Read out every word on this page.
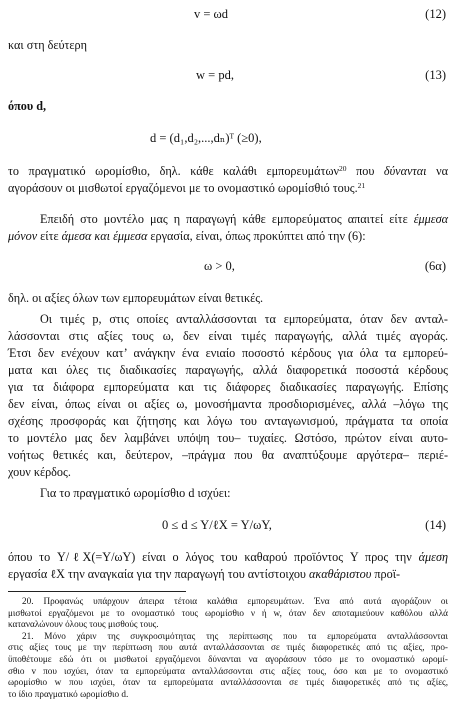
v = ωd	(12)
και στη δεύτερη
w = pd,	(13)
όπου d,
d = (d₁,d₂,...,dₙ)ᵀ (≥0),
το πραγματικό ωρομίσθιο, δηλ. κάθε καλάθι εμπορευμάτων$^{20}$ που δύνανται να
αγοράσουν οι μισθωτοί εργαζόμενοι με το ονομαστικό ωρομίσθιό τους.$^{21}$
Επειδή στο μοντέλο μας η παραγωγή κάθε εμπορεύματος απαιτεί είτε έμμεσα
μόνον είτε άμεσα και έμμεσα εργασία, είναι, όπως προκύπτει από την (6):
ω > 0,	(6α)
δηλ. οι αξίες όλων των εμπορευμάτων είναι θετικές.
Οι τιμές p, στις οποίες ανταλλάσσονται τα εμπορεύματα, όταν δεν ανταλ-
λάσσονται στις αξίες τους ω, δεν είναι τιμές παραγωγής, αλλά τιμές αγοράς.
Έτσι δεν ενέχουν κατ’ ανάγκην ένα ενιαίο ποσοστό κέρδους για όλα τα εμπορεύ-
ματα και όλες τις διαδικασίες παραγωγής, αλλά διαφορετικά ποσοστά κέρδους
για τα διάφορα εμπορεύματα και τις διάφορες διαδικασίες παραγωγής. Επίσης
δεν είναι, όπως είναι οι αξίες ω, μονοσήμαντα προσδιορισμένες, αλλά –λόγω της
σχέσης προσφοράς και ζήτησης και λόγω του ανταγωνισμού, πράγματα τα οποία
το μοντέλο μας δεν λαμβάνει υπόψη του– τυχαίες. Ωστόσο, πρώτον είναι αυτο-
νοήτως θετικές και, δεύτερον, –πράγμα που θα αναπτύξουμε αργότερα– περιέ-
χουν κέρδος.
Για το πραγματικό ωρομίσθιο d ισχύει:
0 ≤ d ≤ Y/ℓX = Y/ωY,	(14)
όπου το Y/ℓX(=Y/ωY) είναι ο λόγος του καθαρού προϊόντος Y προς την άμεση
εργασία ℓX την αναγκαία για την παραγωγή του αντίστοιχου ακαθάριστου προϊ-
20. Προφανώς υπάρχουν άπειρα τέτοια καλάθια εμπορευμάτων. Ένα από αυτά αγοράζουν οι
μισθωτοί εργαζόμενοι με το ονομαστικό τους ωρομίσθιο ν ή w, όταν δεν αποταμιεύουν καθόλου αλλά
καταναλώνουν όλους τους μισθούς τους.
21. Μόνο χάριν της συγκροσιμότητας της περίπτωσης που τα εμπορεύματα ανταλλάσσονται
στις αξίες τους με την περίπτωση που αυτά ανταλλάσσονται σε τιμές διαφορετικές από τις αξίες, προ-
ϋποθέτουμε εδώ ότι οι μισθωτοί εργαζόμενοι δύνανται να αγοράσουν τόσο με το ονομαστικό ωρομί-
σθιο v που ισχύει, όταν τα εμπορεύματα ανταλλάσσονται στις αξίες τους, όσο και με το ονομαστικό
ωρομίσθιο w που ισχύει, όταν τα εμπορεύματα ανταλλάσσονται σε τιμές διαφορετικές από τις αξίες,
το ίδιο πραγματικό ωρομίσθιο d.
